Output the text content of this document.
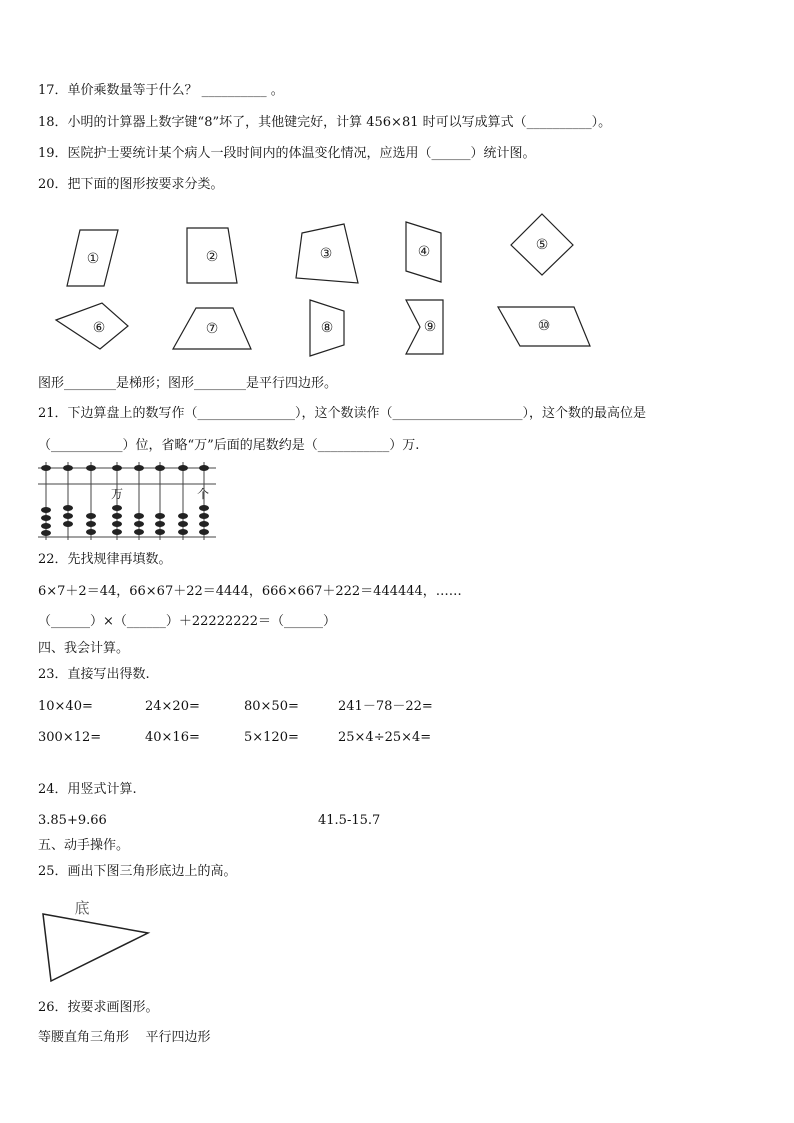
17．单价乘数量等于什么？ __________ 。
18．小明的计算器上数字键“8”坏了，其他键完好，计算 456×81 时可以写成算式（__________）。
19．医院护士要统计某个病人一段时间内的体温变化情况，应选用（______）统计图。
20．把下面的图形按要求分类。
①	②	③	④	⑤
⑥	⑦	⑧	⑨	⑩
图形________是梯形；图形________是平行四边形。
21．下边算盘上的数写作（_______________），这个数读作（____________________），这个数的最高位是
（___________）位，省略“万”后面的尾数约是（___________）万.
万	个
22．先找规律再填数。
6×7＋2＝44，66×67＋22＝4444，666×667＋222＝444444，……
（______）×（______）＋22222222＝（______）
四、我会计算。
23．直接写出得数.
10×40=	24×20=	80×50=	241－78－22=
300×12=	40×16=	5×120=	25×4÷25×4=
24．用竖式计算.
3.85+9.66	41.5-15.7
五、动手操作。
25．画出下图三角形底边上的高。
底
26．按要求画图形。
等腰直角三角形    平行四边形
